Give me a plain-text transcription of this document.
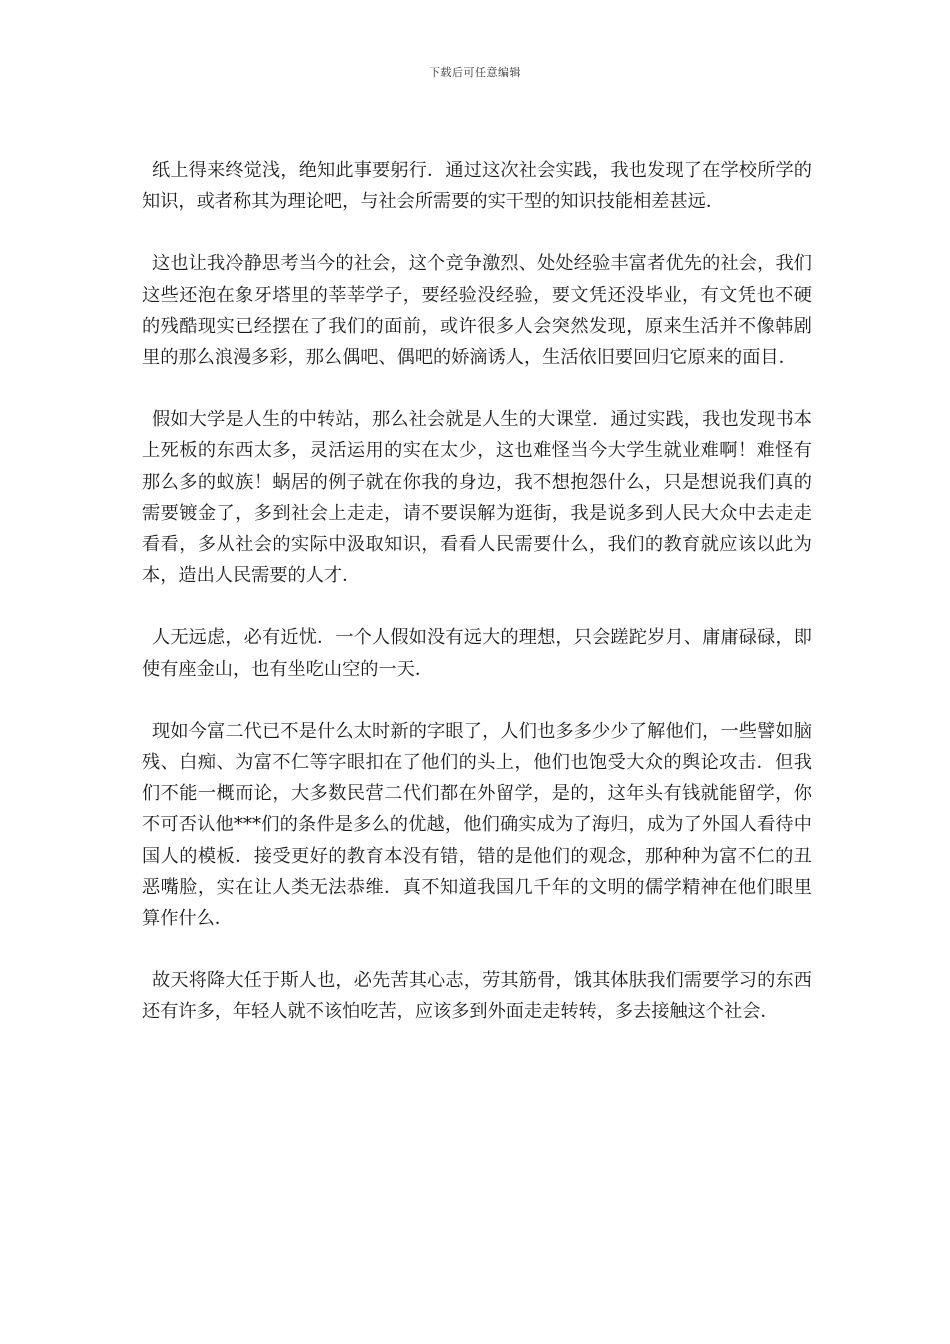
下载后可任意编辑

纸上得来终觉浅，绝知此事要躬行．通过这次社会实践，我也发现了在学校所学的知识，或者称其为理论吧，与社会所需要的实干型的知识技能相差甚远．

这也让我冷静思考当今的社会，这个竞争激烈、处处经验丰富者优先的社会，我们这些还泡在象牙塔里的莘莘学子，要经验没经验，要文凭还没毕业，有文凭也不硬的残酷现实已经摆在了我们的面前，或许很多人会突然发现，原来生活并不像韩剧里的那么浪漫多彩，那么偶吧、偶吧的娇滴诱人，生活依旧要回归它原来的面目．

假如大学是人生的中转站，那么社会就是人生的大课堂．通过实践，我也发现书本上死板的东西太多，灵活运用的实在太少，这也难怪当今大学生就业难啊！难怪有那么多的蚁族！蜗居的例子就在你我的身边，我不想抱怨什么，只是想说我们真的需要镀金了，多到社会上走走，请不要误解为逛街，我是说多到人民大众中去走走看看，多从社会的实际中汲取知识，看看人民需要什么，我们的教育就应该以此为本，造出人民需要的人才．

人无远虑，必有近忧．一个人假如没有远大的理想，只会蹉跎岁月、庸庸碌碌，即使有座金山，也有坐吃山空的一天．

现如今富二代已不是什么太时新的字眼了，人们也多多少少了解他们，一些譬如脑残、白痴、为富不仁等字眼扣在了他们的头上，他们也饱受大众的舆论攻击．但我们不能一概而论，大多数民营二代们都在外留学，是的，这年头有钱就能留学，你不可否认他***们的条件是多么的优越，他们确实成为了海归，成为了外国人看待中国人的模板．接受更好的教育本没有错，错的是他们的观念，那种种为富不仁的丑恶嘴脸，实在让人类无法恭维．真不知道我国几千年的文明的儒学精神在他们眼里算作什么．

故天将降大任于斯人也，必先苦其心志，劳其筋骨，饿其体肤我们需要学习的东西还有许多，年轻人就不该怕吃苦，应该多到外面走走转转，多去接触这个社会．
